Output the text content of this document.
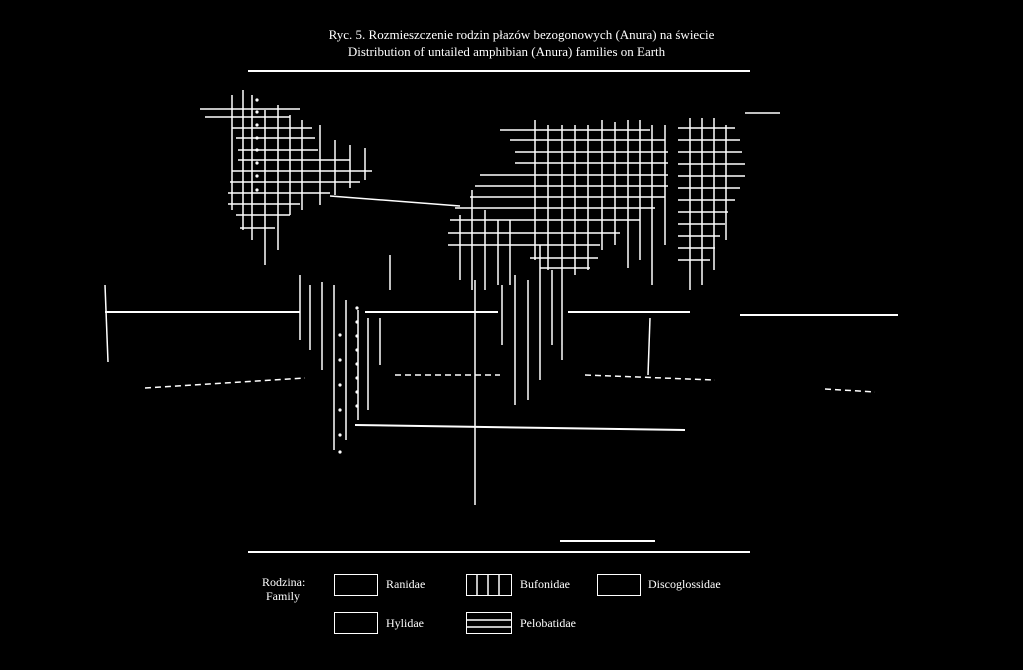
Ryc. 5. Rozmieszczenie rodzin płazów bezogonowych (Anura) na świecie
Distribution of untailed amphibian (Anura) families on Earth
Rodzina:
Family
Ranidae	Bufonidae	Discoglossidae
Hylidae	Pelobatidae
